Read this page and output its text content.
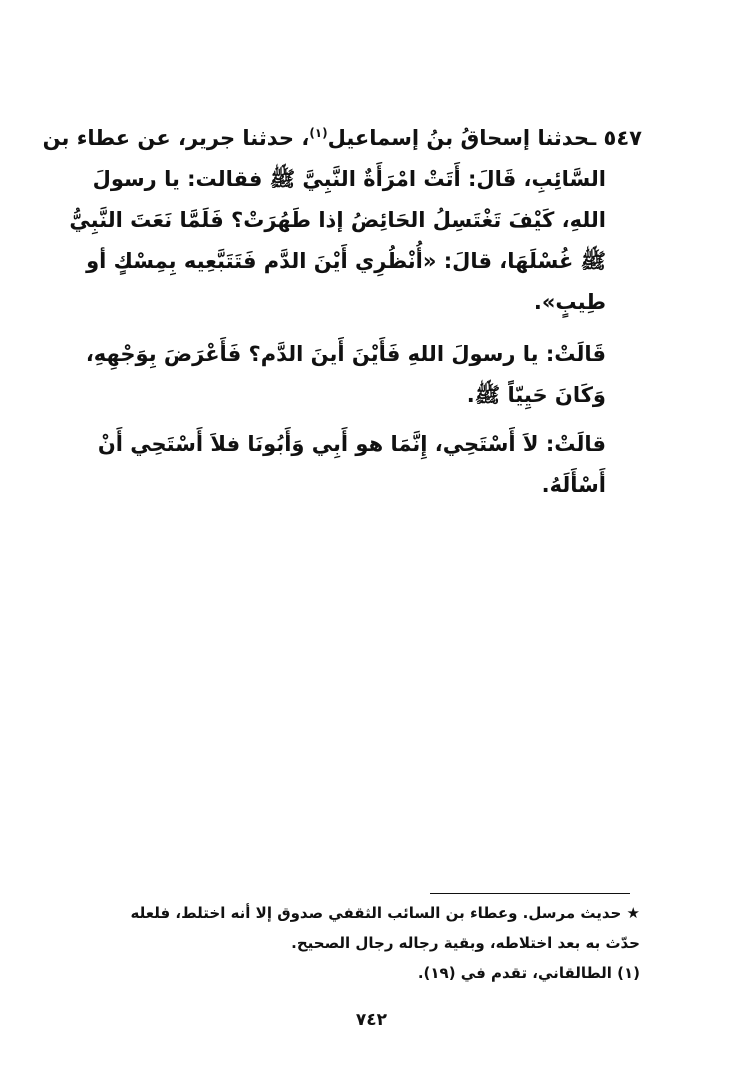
٥٤٧ ـحدثنا إسحاقُ بنُ إسماعيل$^{(١)}$، حدثنا جرير، عن عطاء بن
السَّائِبِ، قَالَ: أَتَتْ امْرَأَةٌ النَّبِيَّ ﷺ فقالت: يا رسولَ
اللهِ، كَيْفَ تَغْتَسِلُ الحَائِضُ إذا طَهُرَتْ؟ فَلَمَّا نَعَتَ النَّبِيُّ
ﷺ غُسْلَهَا، قالَ: «أُنْظُرِي أَيْنَ الدَّم فَتَتَبَّعِيه بِمِسْكٍ أو
طِيبٍ».
قَالَتْ: يا رسولَ اللهِ فَأَيْنَ أَينَ الدَّم؟ فَأَعْرَضَ بِوَجْهِهِ،
وَكَانَ حَيِيّاً ﷺ.
قالَتْ: لاَ أَسْتَحِي، إِنَّمَا هو أَبِي وَأَبُونَا فلاَ أَسْتَحِي أَنْ
أَسْأَلَهُ.
★ حديث مرسل. وعطاء بن السائب الثقفي صدوق إلا أنه اختلط، فلعله
حدّث به بعد اختلاطه، وبقية رجاله رجال الصحيح.
(١) الطالقاني، تقدم في (١٩).
٧٤٢
